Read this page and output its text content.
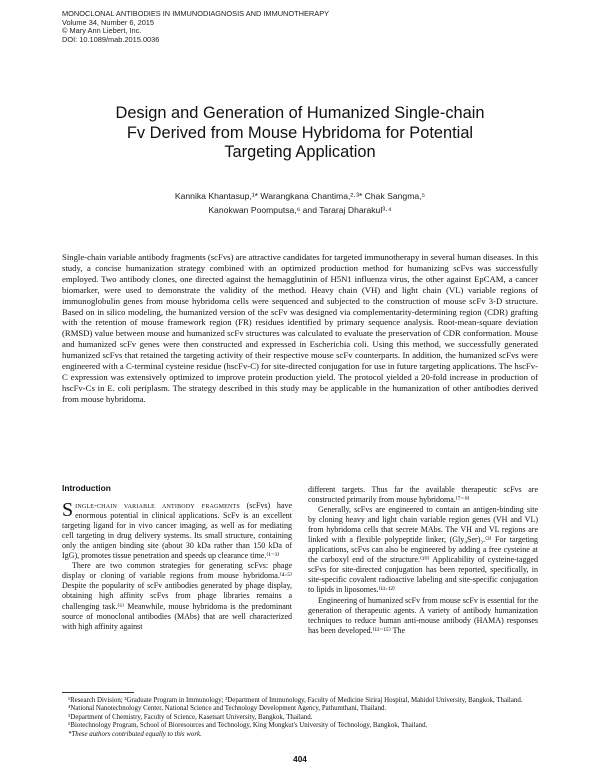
MONOCLONAL ANTIBODIES IN IMMUNODIAGNOSIS AND IMMUNOTHERAPY
Volume 34, Number 6, 2015
© Mary Ann Liebert, Inc.
DOI: 10.1089/mab.2015.0036
Design and Generation of Humanized Single-chain
Fv Derived from Mouse Hybridoma for Potential
Targeting Application
Kannika Khantasup,¹* Warangkana Chantima,²·³* Chak Sangma,⁵
Kanokwan Poomputsa,⁶ and Tararaj Dharakul³·⁴
Single-chain variable antibody fragments (scFvs) are attractive candidates for targeted immunotherapy in several human diseases. In this study, a concise humanization strategy combined with an optimized production method for humanizing scFvs was successfully employed. Two antibody clones, one directed against the hemagglutinin of H5N1 influenza virus, the other against EpCAM, a cancer biomarker, were used to demonstrate the validity of the method. Heavy chain (VH) and light chain (VL) variable regions of immunoglobulin genes from mouse hybridoma cells were sequenced and subjected to the construction of mouse scFv 3-D structure. Based on in silico modeling, the humanized version of the scFv was designed via complementarity-determining region (CDR) grafting with the retention of mouse framework region (FR) residues identified by primary sequence analysis. Root-mean-square deviation (RMSD) value between mouse and humanized scFv structures was calculated to evaluate the preservation of CDR conformation. Mouse and humanized scFv genes were then constructed and expressed in Escherichia coli. Using this method, we successfully generated humanized scFvs that retained the targeting activity of their respective mouse scFv counterparts. In addition, the humanized scFvs were engineered with a C-terminal cysteine residue (hscFv-C) for site-directed conjugation for use in future targeting applications. The hscFv-C expression was extensively optimized to improve protein production yield. The protocol yielded a 20-fold increase in production of hscFv-Cs in E. coli periplasm. The strategy described in this study may be applicable in the humanization of other antibodies derived from mouse hybridoma.
Introduction

Single-chain variable antibody fragments (scFvs) have enormous potential in clinical applications. ScFv is an excellent targeting ligand for in vivo cancer imaging, as well as for mediating cell targeting in drug delivery systems. Its small structure, containing only the antigen binding site (about 30 kDa rather than 150 kDa of IgG), promotes tissue penetration and speeds up clearance time.⁽¹⁻³⁾

There are two common strategies for generating scFvs: phage display or cloning of variable regions from mouse hybridoma.⁽⁴·⁵⁾ Despite the popularity of scFv antibodies generated by phage display, obtaining high affinity scFvs from phage libraries remains a challenging task.⁽⁶⁾ Meanwhile, mouse hybridoma is the predominant source of monoclonal antibodies (MAbs) that are well characterized with high affinity against

different targets. Thus far the available therapeutic scFvs are constructed primarily from mouse hybridoma.⁽⁷⁻⁹⁾

Generally, scFvs are engineered to contain an antigen-binding site by cloning heavy and light chain variable region genes (VH and VL) from hybridoma cells that secrete MAbs. The VH and VL regions are linked with a flexible polypeptide linker, (Gly₄Ser)₃.⁽³⁾ For targeting applications, scFvs can also be engineered by adding a free cysteine at the carboxyl end of the structure.⁽¹⁰⁾ Applicability of cysteine-tagged scFvs for site-directed conjugation has been reported, specifically, in site-specific covalent radioactive labeling and site-specific conjugation to lipids in liposomes.⁽¹¹·¹²⁾

Engineering of humanized scFv from mouse scFv is essential for the generation of therapeutic agents. A variety of antibody humanization techniques to reduce human anti-mouse antibody (HAMA) responses has been developed.⁽¹³⁻¹⁵⁾ The

¹Research Division; ²Graduate Program in Immunology; ³Department of Immunology, Faculty of Medicine Siriraj Hospital, Mahidol University, Bangkok, Thailand.
⁴National Nanotechnology Center, National Science and Technology Development Agency, Pathumthani, Thailand.
⁵Department of Chemistry, Faculty of Science, Kasetsart University, Bangkok, Thailand.
⁶Biotechnology Program, School of Bioresources and Technology, King Mongkut's University of Technology, Bangkok, Thailand.
*These authors contributed equally to this work.
404
